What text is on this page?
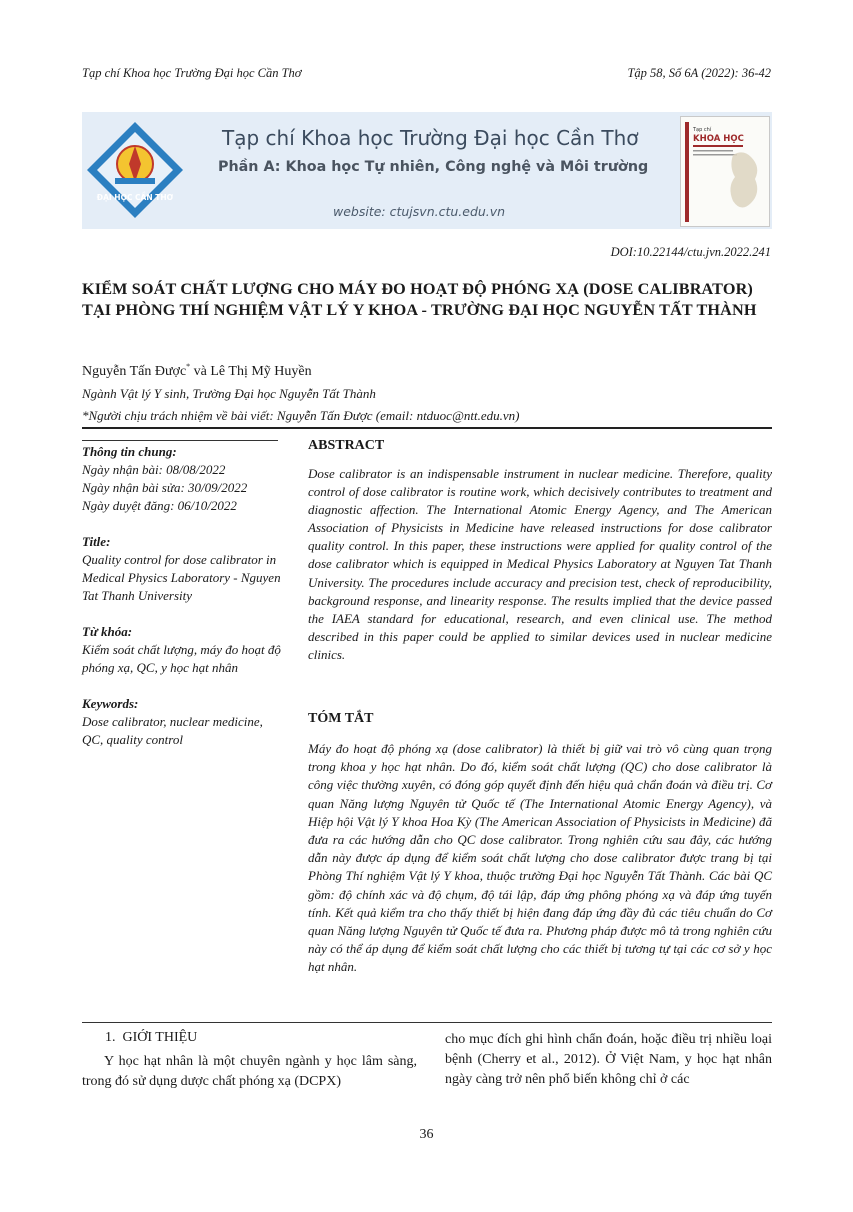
Tạp chí Khoa học Trường Đại học Cần Thơ	Tập 58, Số 6A (2022): 36-42
ĐẠI HỌC CẦN THƠ
Tạp chí Khoa học Trường Đại học Cần Thơ
Phần A: Khoa học Tự nhiên, Công nghệ và Môi trường
website: ctujsvn.ctu.edu.vn
Tạp chí
KHOA HỌC
DOI:10.22144/ctu.jvn.2022.241
KIỂM SOÁT CHẤT LƯỢNG CHO MÁY ĐO HOẠT ĐỘ PHÓNG XẠ (DOSE CALIBRATOR) TẠI PHÒNG THÍ NGHIỆM VẬT LÝ Y KHOA - TRƯỜNG ĐẠI HỌC NGUYỄN TẤT THÀNH
Nguyễn Tấn Được* và Lê Thị Mỹ Huyền
Ngành Vật lý Y sinh, Trường Đại học Nguyễn Tất Thành
*Người chịu trách nhiệm về bài viết: Nguyễn Tấn Được (email: ntduoc@ntt.edu.vn)
Thông tin chung:
Ngày nhận bài: 08/08/2022
Ngày nhận bài sửa: 30/09/2022
Ngày duyệt đăng: 06/10/2022
Title:
Quality control for dose calibrator in Medical Physics Laboratory - Nguyen Tat Thanh University
Từ khóa:
Kiểm soát chất lượng, máy đo hoạt độ phóng xạ, QC, y học hạt nhân
Keywords:
Dose calibrator, nuclear medicine, QC, quality control
ABSTRACT
Dose calibrator is an indispensable instrument in nuclear medicine. Therefore, quality control of dose calibrator is routine work, which decisively contributes to treatment and diagnostic affection. The International Atomic Energy Agency, and The American Association of Physicists in Medicine have released instructions for dose calibrator quality control. In this paper, these instructions were applied for quality control of the dose calibrator which is equipped in Medical Physics Laboratory at Nguyen Tat Thanh University. The procedures include accuracy and precision test, check of reproducibility, background response, and linearity response. The results implied that the device passed the IAEA standard for educational, research, and even clinical use. The method described in this paper could be applied to similar devices used in nuclear medicine clinics.
TÓM TẮT
Máy đo hoạt độ phóng xạ (dose calibrator) là thiết bị giữ vai trò vô cùng quan trọng trong khoa y học hạt nhân. Do đó, kiểm soát chất lượng (QC) cho dose calibrator là công việc thường xuyên, có đóng góp quyết định đến hiệu quả chẩn đoán và điều trị. Cơ quan Năng lượng Nguyên tử Quốc tế (The International Atomic Energy Agency), và Hiệp hội Vật lý Y khoa Hoa Kỳ (The American Association of Physicists in Medicine) đã đưa ra các hướng dẫn cho QC dose calibrator. Trong nghiên cứu sau đây, các hướng dẫn này được áp dụng để kiểm soát chất lượng cho dose calibrator được trang bị tại Phòng Thí nghiệm Vật lý Y khoa, thuộc trường Đại học Nguyễn Tất Thành. Các bài QC gồm: độ chính xác và độ chụm, độ tái lập, đáp ứng phông phóng xạ và đáp ứng tuyến tính. Kết quả kiểm tra cho thấy thiết bị hiện đang đáp ứng đầy đủ các tiêu chuẩn do Cơ quan Năng lượng Nguyên tử Quốc tế đưa ra. Phương pháp được mô tả trong nghiên cứu này có thể áp dụng để kiểm soát chất lượng cho các thiết bị tương tự tại các cơ sở y học hạt nhân.
1.  GIỚI THIỆU
Y học hạt nhân là một chuyên ngành y học lâm sàng, trong đó sử dụng dược chất phóng xạ (DCPX)
cho mục đích ghi hình chẩn đoán, hoặc điều trị nhiều loại bệnh (Cherry et al., 2012). Ở Việt Nam, y học hạt nhân ngày càng trở nên phổ biến không chỉ ở các
36
